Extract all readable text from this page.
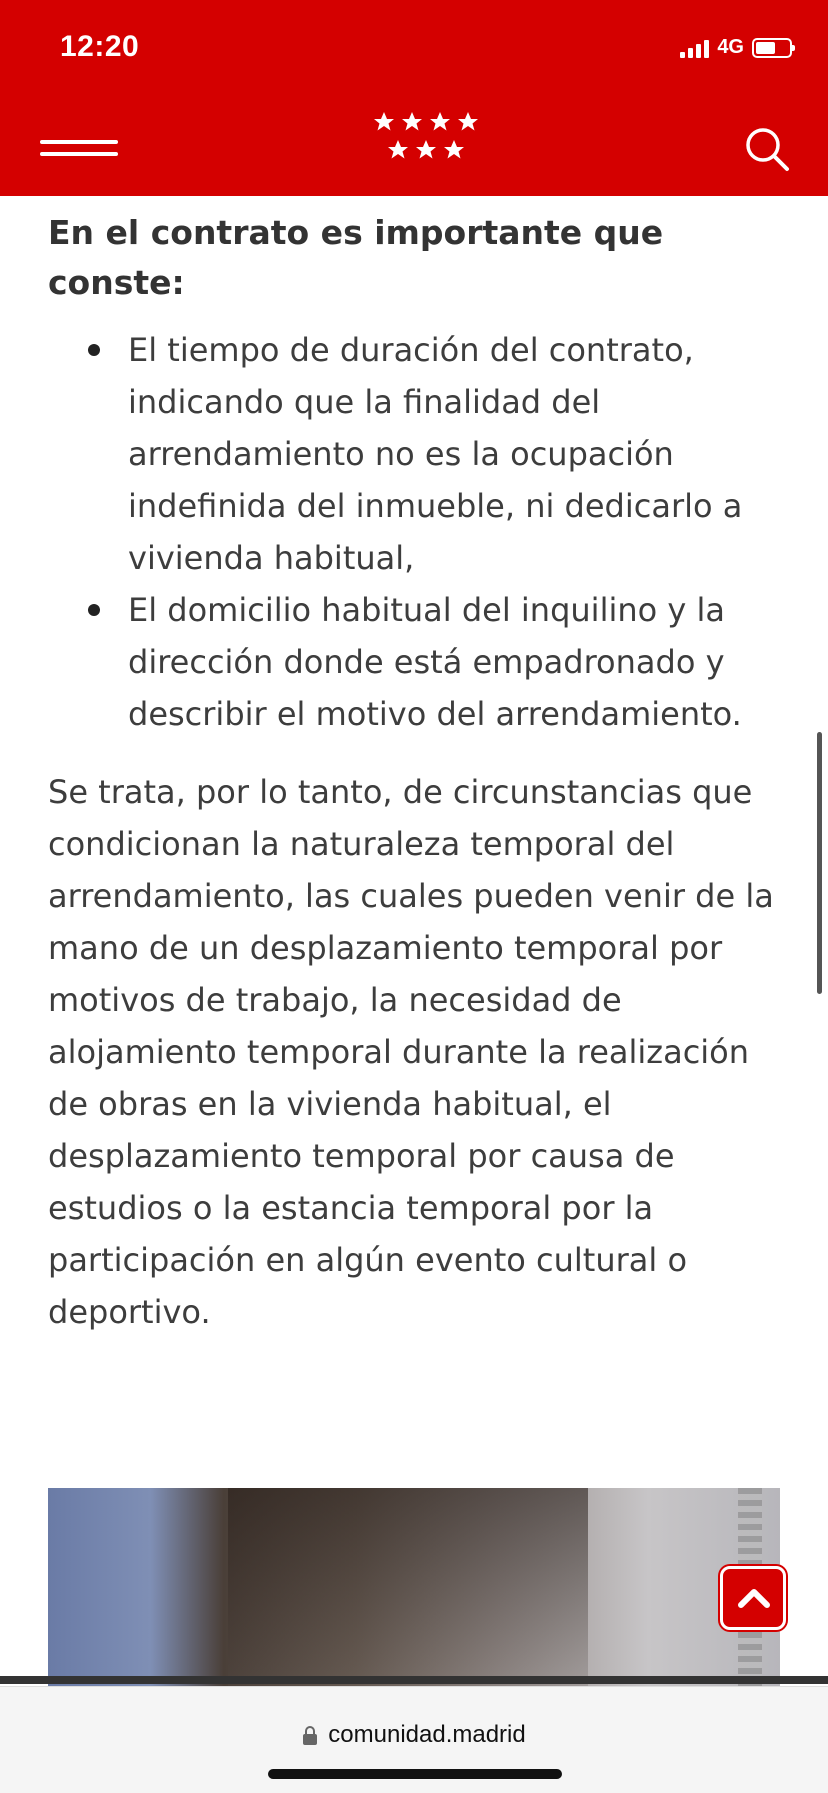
12:20	4G
En el contrato es importante que conste:
El tiempo de duración del contrato, indicando que la finalidad del arrendamiento no es la ocupación indefinida del inmueble, ni dedicarlo a vivienda habitual,
El domicilio habitual del inquilino y la dirección donde está empadronado y describir el motivo del arrendamiento.

Se trata, por lo tanto, de circunstancias que condicionan la naturaleza temporal del arrendamiento, las cuales pueden venir de la mano de un desplazamiento temporal por motivos de trabajo, la necesidad de alojamiento temporal durante la realización de obras en la vivienda habitual, el desplazamiento temporal por causa de estudios o la estancia temporal por la participación en algún evento cultural o deportivo.

comunidad.madrid
